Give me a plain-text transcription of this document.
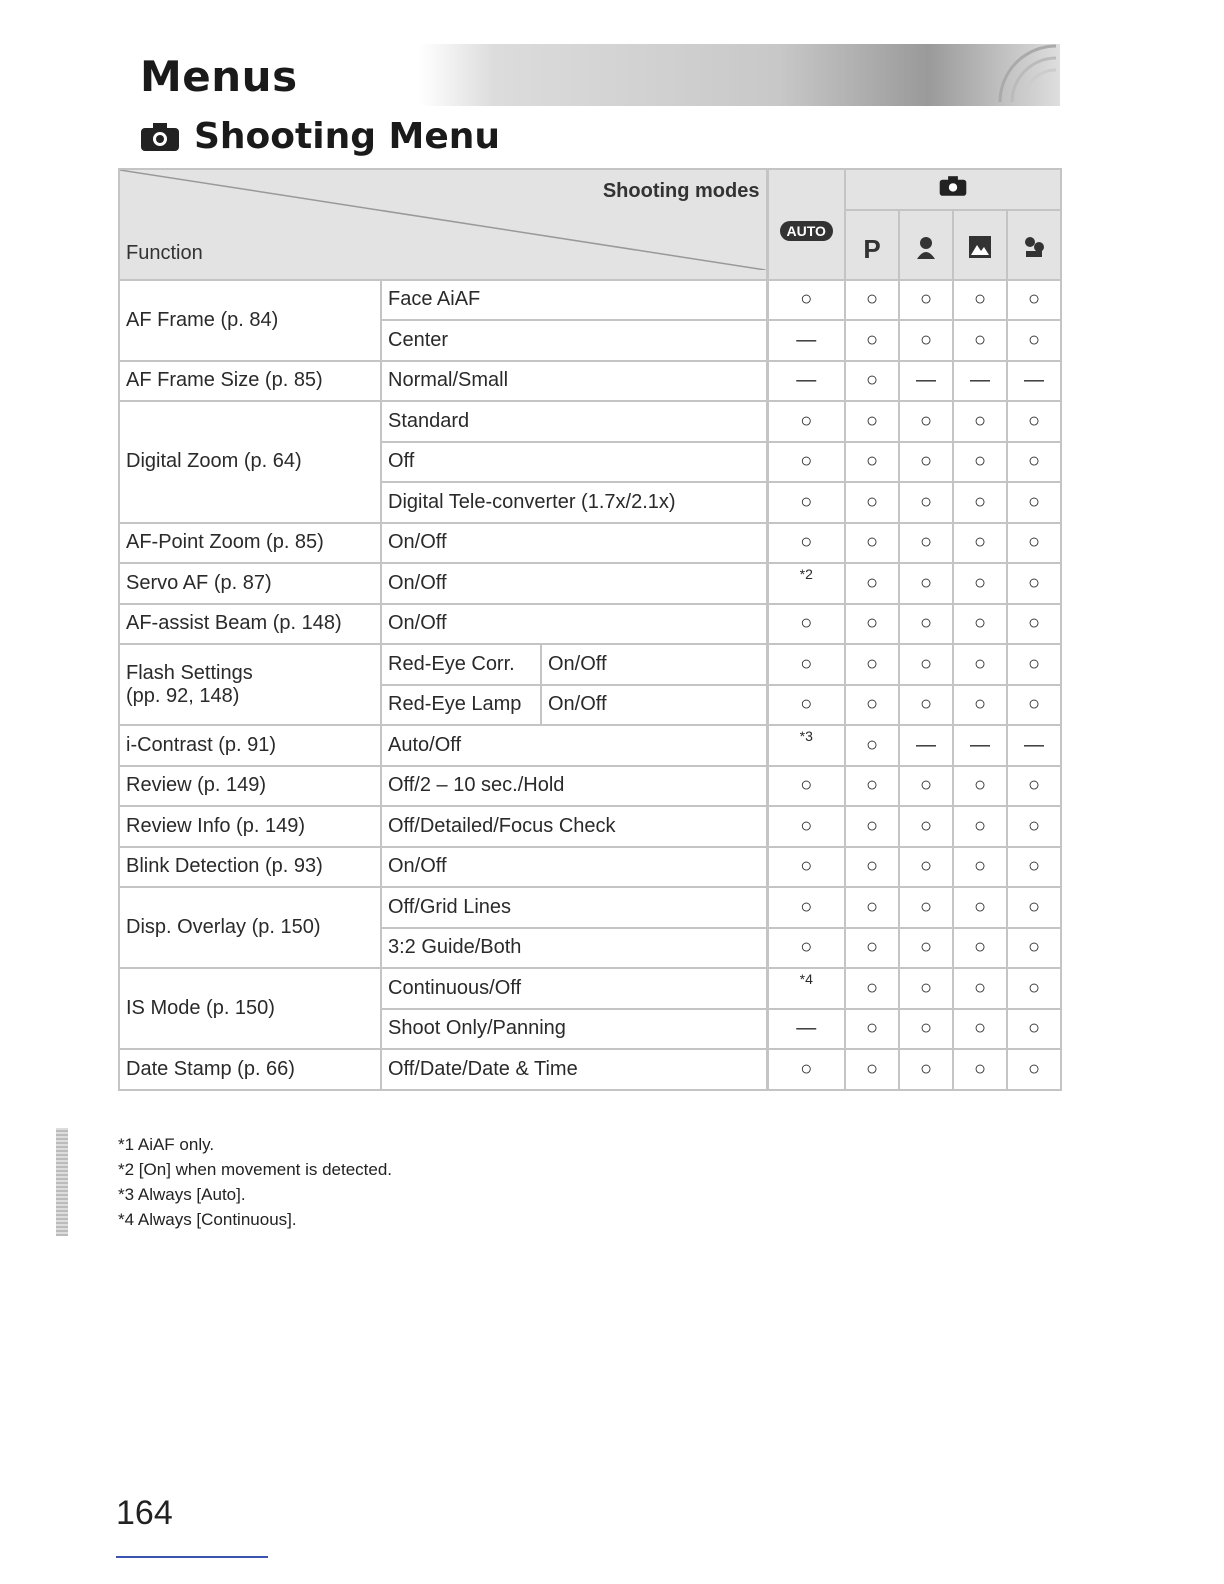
Menus
Shooting Menu
Shooting modes
Function			AUTO	

				P

AF Frame (p. 84)	Face AiAF		○	○	○	○	○
	Center		—	○	○	○	○
AF Frame Size (p. 85)	Normal/Small		—	○	—	—	—
Digital Zoom (p. 64)	Standard		○	○	○	○	○
	Off		○	○	○	○	○
	Digital Tele-converter (1.7x/2.1x)		○	○	○	○	○
AF-Point Zoom (p. 85)	On/Off		○	○	○	○	○
Servo AF (p. 87)	On/Off		$^{*2}$	○	○	○	○
AF-assist Beam (p. 148)	On/Off		○	○	○	○	○

Flash Settings
(pp. 92, 148)	Red-Eye Corr.	On/Off	○	○	○	○	○
	Red-Eye Lamp	On/Off	○	○	○	○	○
i-Contrast (p. 91)	Auto/Off		$^{*3}$	○	—	—	—
Review (p. 149)	Off/2 – 10 sec./Hold		○	○	○	○	○
Review Info (p. 149)	Off/Detailed/Focus Check		○	○	○	○	○
Blink Detection (p. 93)	On/Off		○	○	○	○	○
Disp. Overlay (p. 150)	Off/Grid Lines		○	○	○	○	○
	3:2 Guide/Both		○	○	○	○	○
IS Mode (p. 150)	Continuous/Off		$^{*4}$	○	○	○	○
	Shoot Only/Panning		—	○	○	○	○
Date Stamp (p. 66)	Off/Date/Date & Time		○	○	○	○	○
*1 AiAF only.
*2 [On] when movement is detected.
*3 Always [Auto].
*4 Always [Continuous].
164
